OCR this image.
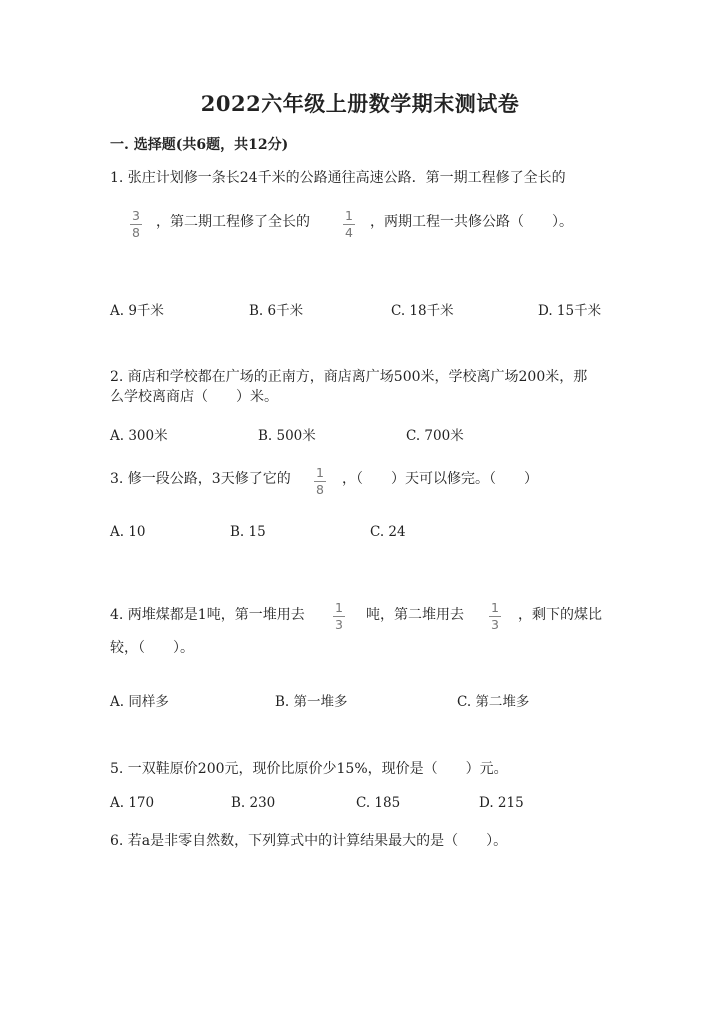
2022六年级上册数学期末测试卷
一. 选择题(共6题，共12分)
1. 张庄计划修一条长24千米的公路通往高速公路．第一期工程修了全长的
3
8
，第二期工程修了全长的	1
4
，两期工程一共修公路（　　）。
A. 9千米	B. 6千米	C. 18千米	D. 15千米
2. 商店和学校都在广场的正南方，商店离广场500米，学校离广场200米，那
么学校离商店（　　）米。
A. 300米	B. 500米	C. 700米
3. 修一段公路，3天修了它的 1
8
，（　　）天可以修完。（　　）
A. 10	B. 15	C. 24
4. 两堆煤都是1吨，第一堆用去 1
3
吨，第二堆用去 1
3
，剩下的煤比
较，（　　）。
A. 同样多	B. 第一堆多	C. 第二堆多
5. 一双鞋原价200元，现价比原价少15%，现价是（　　）元。
A. 170	B. 230	C. 185	D. 215
6. 若a是非零自然数，下列算式中的计算结果最大的是（　　）。
